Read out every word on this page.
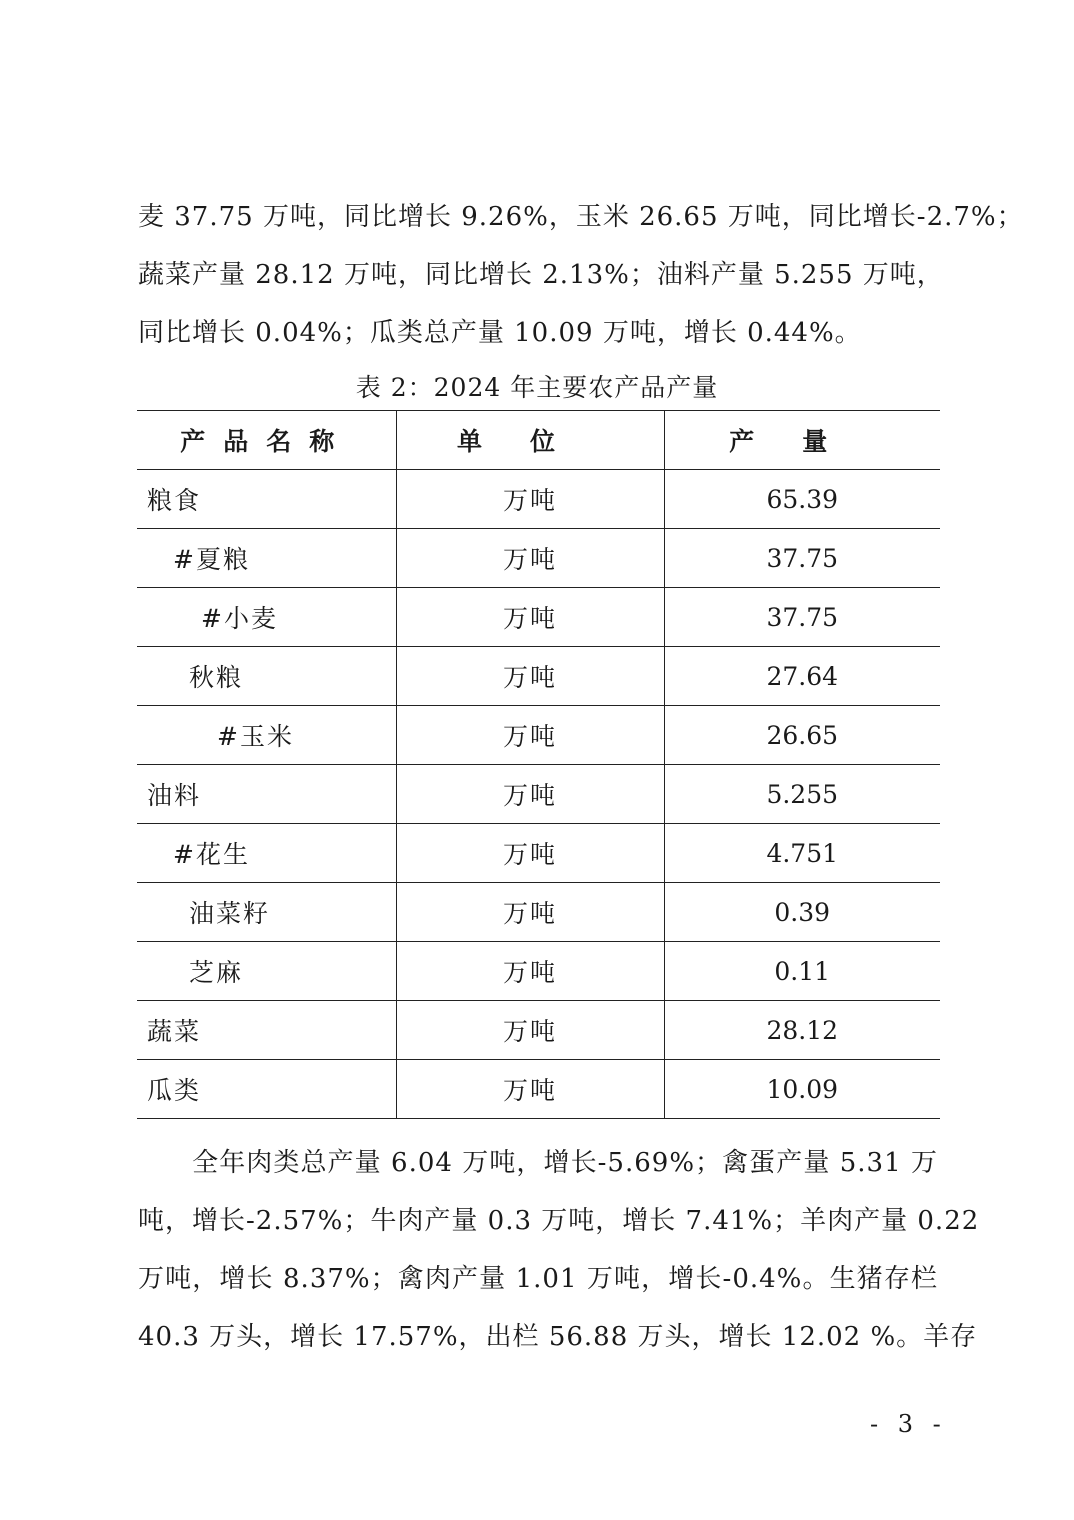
麦 37.75 万吨，同比增长 9.26%，玉米 26.65 万吨，同比增长-2.7%；
蔬菜产量 28.12 万吨，同比增长 2.13%；油料产量 5.255 万吨，
同比增长 0.04%；瓜类总产量 10.09 万吨，增长 0.44%。
表 2：2024 年主要农产品产量
产品名称	单位	产量
粮食	万吨	65.39
#夏粮	万吨	37.75
#小麦	万吨	37.75
秋粮	万吨	27.64
#玉米	万吨	26.65
油料	万吨	5.255
#花生	万吨	4.751
油菜籽	万吨	0.39
芝麻	万吨	0.11
蔬菜	万吨	28.12
瓜类	万吨	10.09
　　全年肉类总产量 6.04 万吨，增长-5.69%；禽蛋产量 5.31 万
吨，增长-2.57%；牛肉产量 0.3 万吨，增长 7.41%；羊肉产量 0.22
万吨，增长 8.37%；禽肉产量 1.01 万吨，增长-0.4%。生猪存栏
40.3 万头，增长 17.57%，出栏 56.88 万头，增长 12.02 %。羊存
- 3 -
